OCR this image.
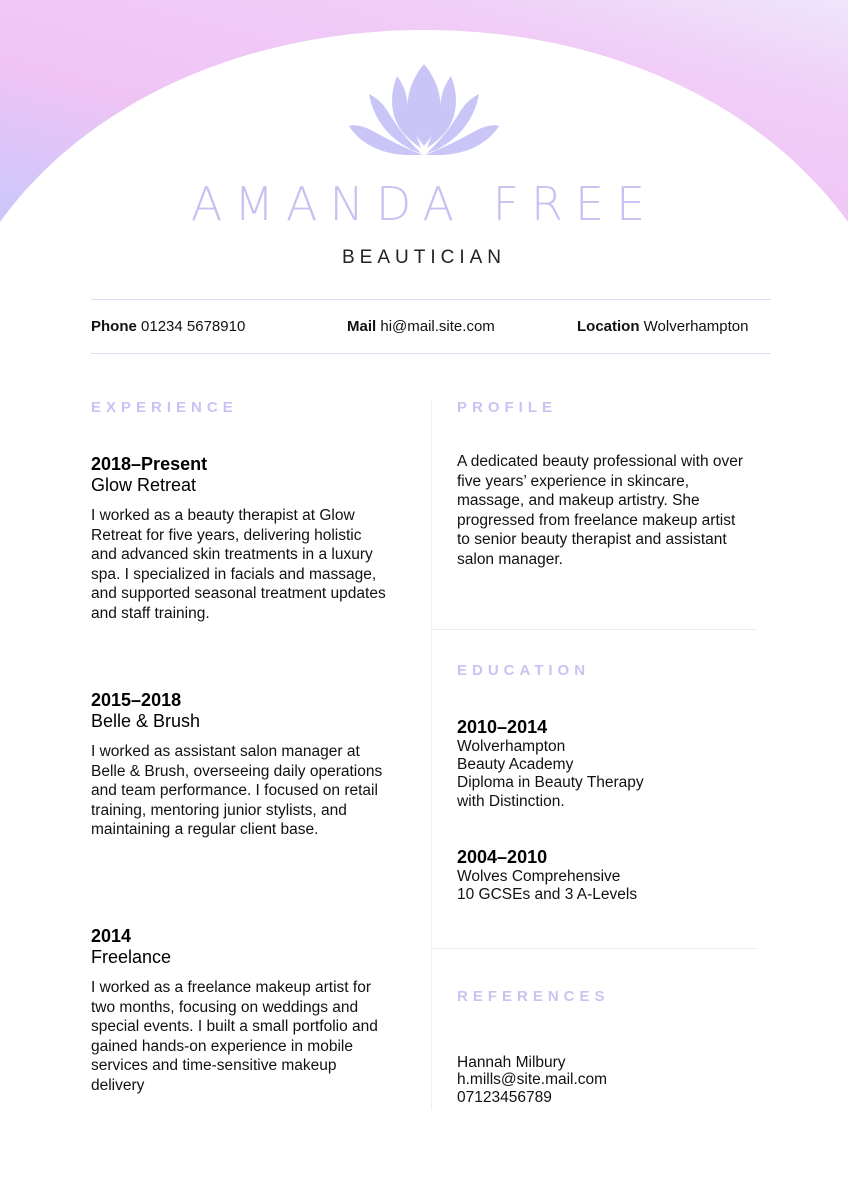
AMANDA FREE
BEAUTICIAN
Phone 01234 5678910	Mail hi@mail.site.com	Location Wolverhampton
EXPERIENCE
2018–Present
Glow Retreat
I worked as a beauty therapist at Glow Retreat for five years, delivering holistic and advanced skin treatments in a luxury spa. I specialized in facials and massage, and supported seasonal treatment updates and staff training.
2015–2018
Belle & Brush
I worked as assistant salon manager at Belle & Brush, overseeing daily operations and team performance. I focused on retail training, mentoring junior stylists, and maintaining a regular client base.
2014
Freelance
I worked as a freelance makeup artist for two months, focusing on weddings and special events. I built a small portfolio and gained hands-on experience in mobile services and time-sensitive makeup delivery
PROFILE
A dedicated beauty professional with over five years’ experience in skincare, massage, and makeup artistry. She progressed from freelance makeup artist to senior beauty therapist and assistant salon manager.
EDUCATION
2010–2014
Wolverhampton
Beauty Academy
Diploma in Beauty Therapy
with Distinction.
2004–2010
Wolves Comprehensive
10 GCSEs and 3 A-Levels
REFERENCES
Hannah Milbury
h.mills@site.mail.com
07123456789
